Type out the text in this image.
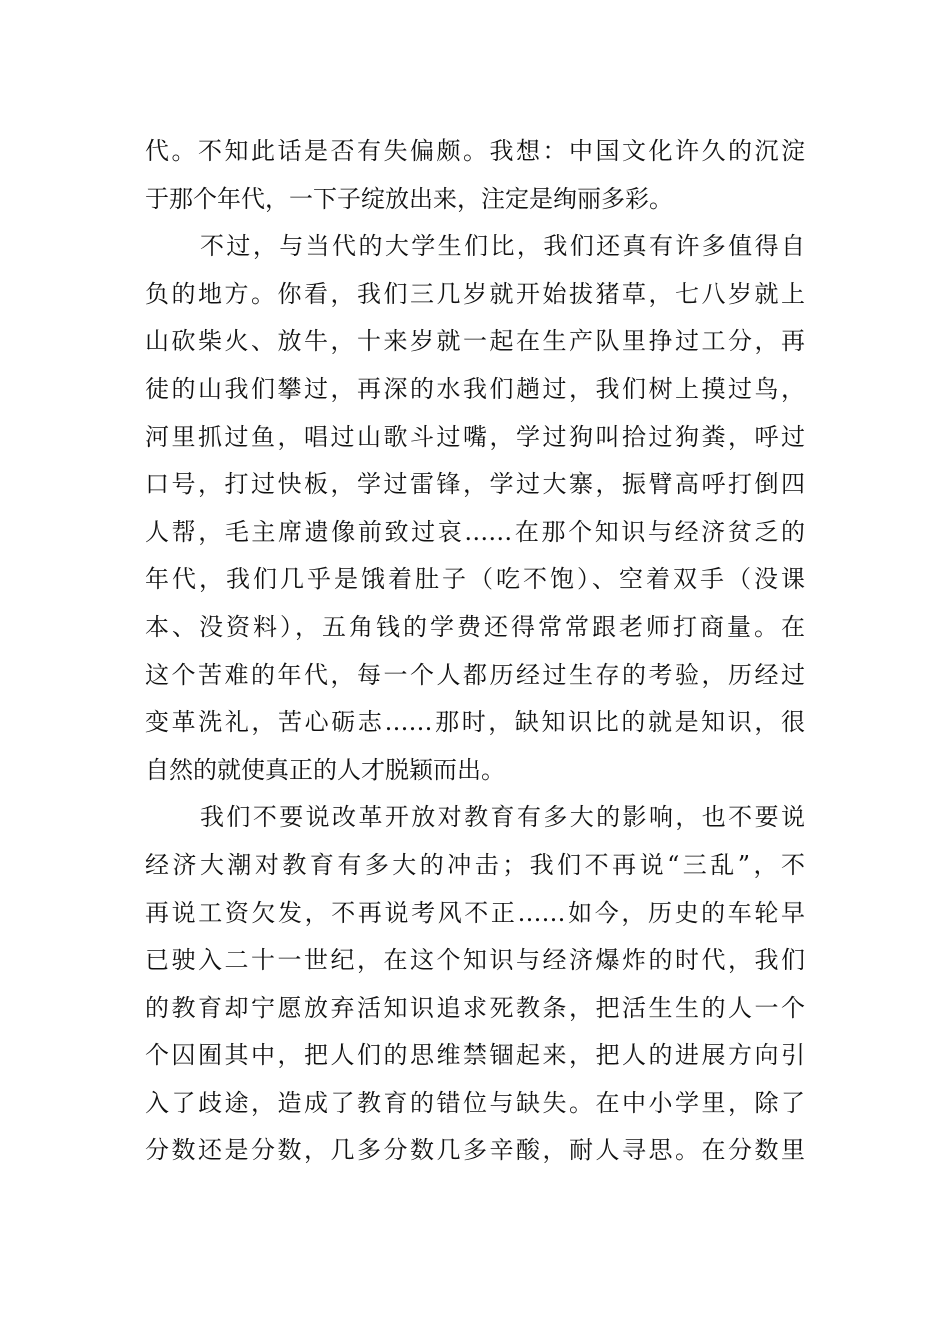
代。不知此话是否有失偏颇。我想：中国文化许久的沉淀
于那个年代，一下子绽放出来，注定是绚丽多彩。
不过，与当代的大学生们比，我们还真有许多值得自
负的地方。你看，我们三几岁就开始拔猪草，七八岁就上
山砍柴火、放牛，十来岁就一起在生产队里挣过工分，再
徒的山我们攀过，再深的水我们趟过，我们树上摸过鸟，
河里抓过鱼，唱过山歌斗过嘴，学过狗叫拾过狗粪，呼过
口号，打过快板，学过雷锋，学过大寨，振臂高呼打倒四
人帮，毛主席遗像前致过哀……在那个知识与经济贫乏的
年代，我们几乎是饿着肚子（吃不饱）、空着双手（没课
本、没资料），五角钱的学费还得常常跟老师打商量。在
这个苦难的年代，每一个人都历经过生存的考验，历经过
变革洗礼，苦心砺志……那时，缺知识比的就是知识，很
自然的就使真正的人才脱颖而出。
我们不要说改革开放对教育有多大的影响，也不要说
经济大潮对教育有多大的冲击；我们不再说“三乱”，不
再说工资欠发，不再说考风不正……如今，历史的车轮早
已驶入二十一世纪，在这个知识与经济爆炸的时代，我们
的教育却宁愿放弃活知识追求死教条，把活生生的人一个
个囚囿其中，把人们的思维禁锢起来，把人的进展方向引
入了歧途，造成了教育的错位与缺失。在中小学里，除了
分数还是分数，几多分数几多辛酸，耐人寻思。在分数里
